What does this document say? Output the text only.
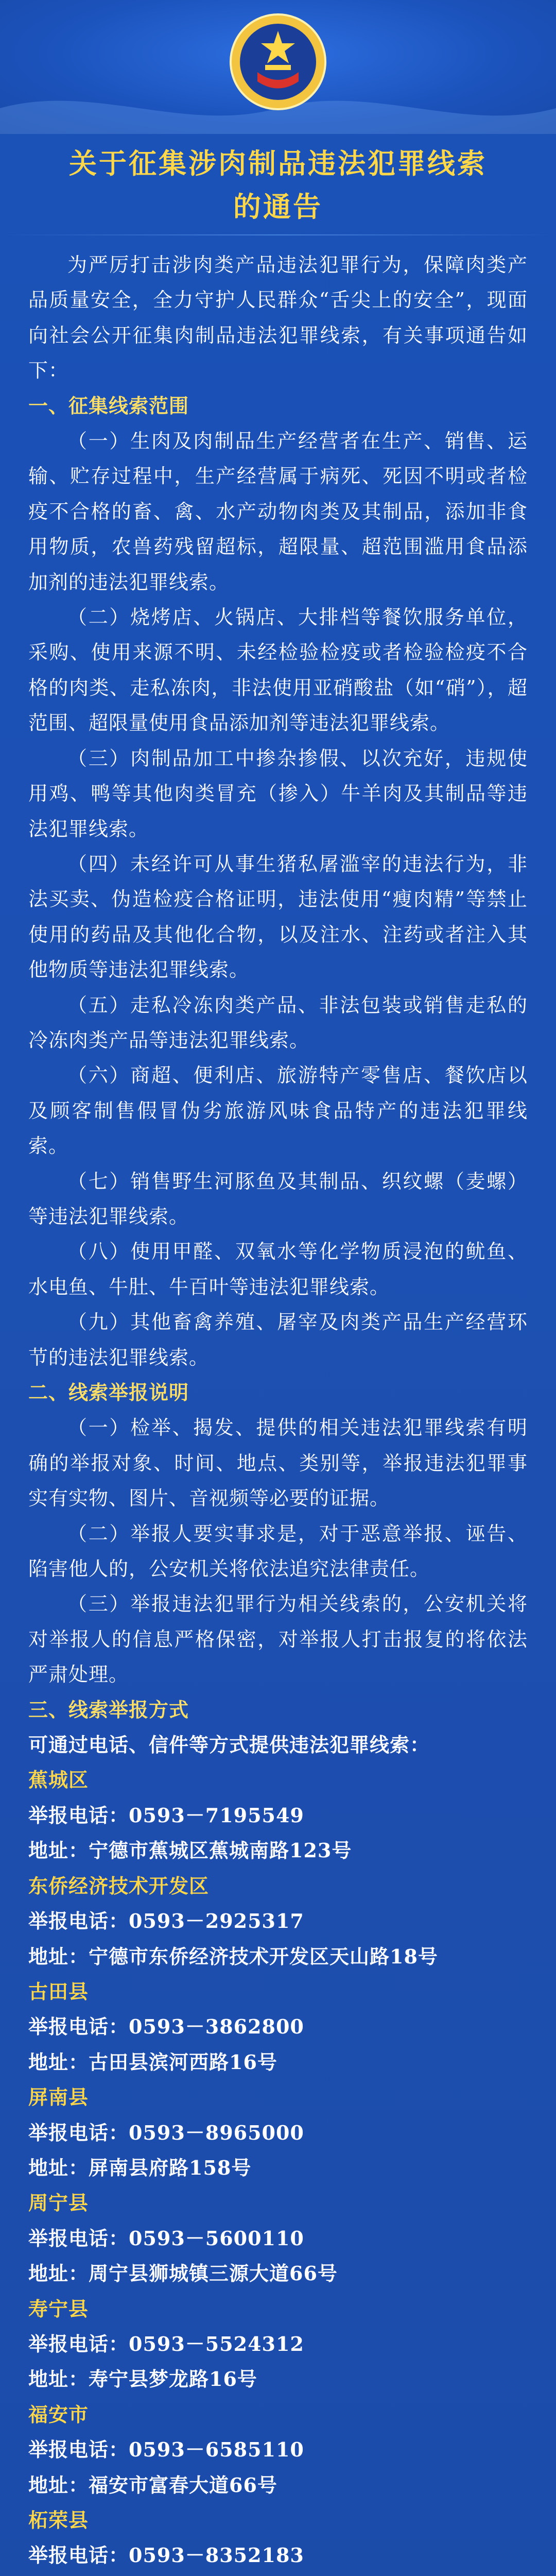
关于征集涉肉制品违法犯罪线索
的通告

为严厉打击涉肉类产品违法犯罪行为，保障肉类产品质量安全，全力守护人民群众“舌尖上的安全”，现面向社会公开征集肉制品违法犯罪线索，有关事项通告如下：

一、征集线索范围

（一）生肉及肉制品生产经营者在生产、销售、运输、贮存过程中，生产经营属于病死、死因不明或者检疫不合格的畜、禽、水产动物肉类及其制品，添加非食用物质，农兽药残留超标，超限量、超范围滥用食品添加剂的违法犯罪线索。

（二）烧烤店、火锅店、大排档等餐饮服务单位，采购、使用来源不明、未经检验检疫或者检验检疫不合格的肉类、走私冻肉，非法使用亚硝酸盐（如“硝”），超范围、超限量使用食品添加剂等违法犯罪线索。

（三）肉制品加工中掺杂掺假、以次充好，违规使用鸡、鸭等其他肉类冒充（掺入）牛羊肉及其制品等违法犯罪线索。

（四）未经许可从事生猪私屠滥宰的违法行为，非法买卖、伪造检疫合格证明，违法使用“瘦肉精”等禁止使用的药品及其他化合物，以及注水、注药或者注入其他物质等违法犯罪线索。

（五）走私冷冻肉类产品、非法包装或销售走私的冷冻肉类产品等违法犯罪线索。

（六）商超、便利店、旅游特产零售店、餐饮店以及顾客制售假冒伪劣旅游风味食品特产的违法犯罪线索。

（七）销售野生河豚鱼及其制品、织纹螺（麦螺）等违法犯罪线索。

（八）使用甲醛、双氧水等化学物质浸泡的鱿鱼、水电鱼、牛肚、牛百叶等违法犯罪线索。

（九）其他畜禽养殖、屠宰及肉类产品生产经营环节的违法犯罪线索。

二、线索举报说明

（一）检举、揭发、提供的相关违法犯罪线索有明确的举报对象、时间、地点、类别等，举报违法犯罪事实有实物、图片、音视频等必要的证据。

（二）举报人要实事求是，对于恶意举报、诬告、陷害他人的，公安机关将依法追究法律责任。

（三）举报违法犯罪行为相关线索的，公安机关将对举报人的信息严格保密，对举报人打击报复的将依法严肃处理。

三、线索举报方式

可通过电话、信件等方式提供违法犯罪线索：

蕉城区

举报电话：0593－7195549

地址：宁德市蕉城区蕉城南路123号

东侨经济技术开发区

举报电话：0593－2925317

地址：宁德市东侨经济技术开发区天山路18号

古田县

举报电话：0593－3862800

地址：古田县滨河西路16号

屏南县

举报电话：0593－8965000

地址：屏南县府路158号

周宁县

举报电话：0593－5600110

地址：周宁县狮城镇三源大道66号

寿宁县

举报电话：0593－5524312

地址：寿宁县梦龙路16号

福安市

举报电话：0593－6585110

地址：福安市富春大道66号

柘荣县

举报电话：0593－8352183
